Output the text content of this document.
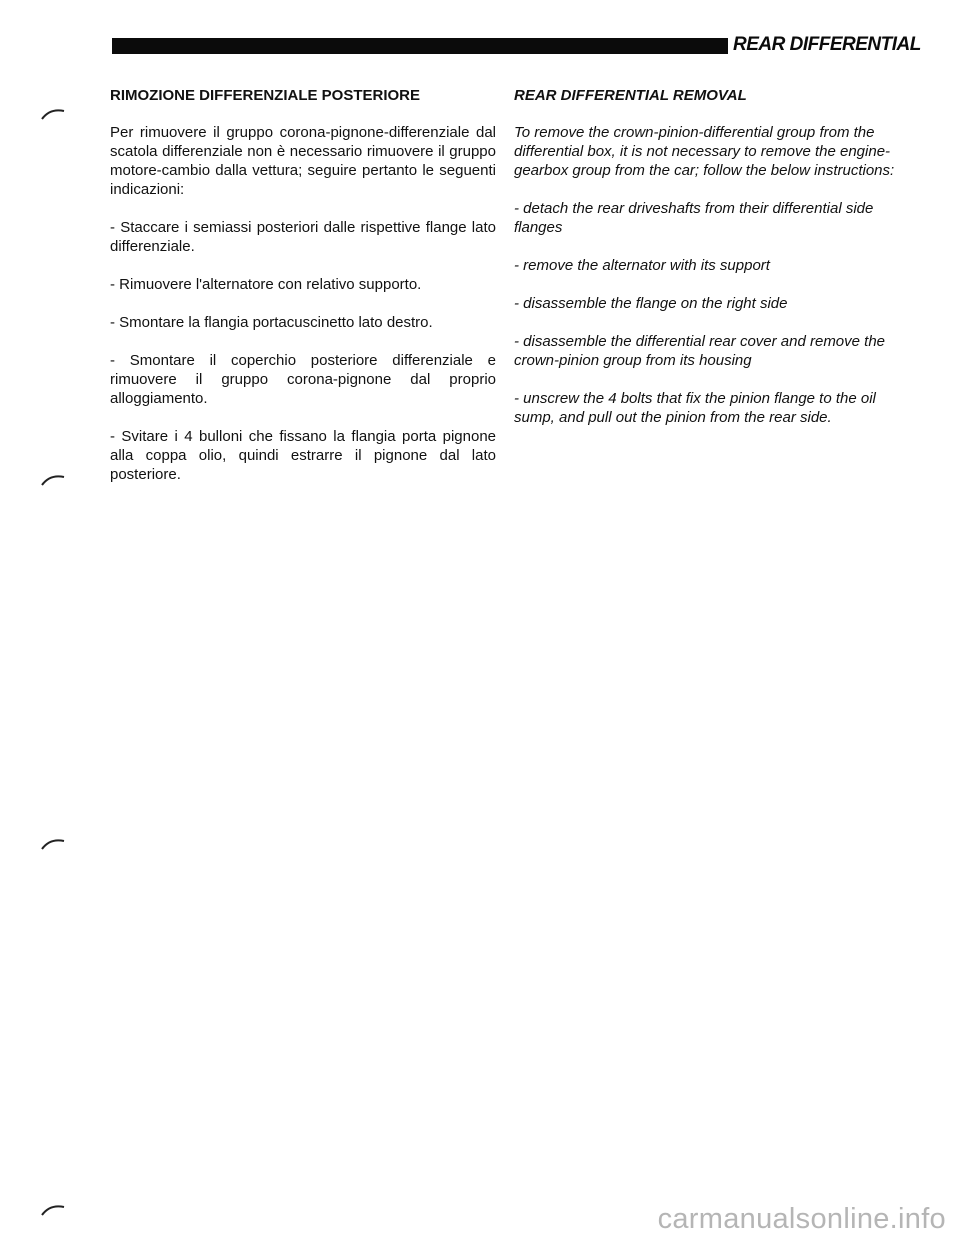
REAR DIFFERENTIAL
RIMOZIONE DIFFERENZIALE POSTERIORE

Per rimuovere il gruppo corona-pignone-differenziale dal scatola differenziale non è necessario rimuovere il gruppo motore-cambio dalla vettura; seguire pertanto le seguenti indicazioni:

- Staccare i semiassi posteriori dalle rispettive flange lato differenziale.

- Rimuovere l'alternatore con relativo supporto.

- Smontare la flangia portacuscinetto lato destro.

- Smontare il coperchio posteriore differenziale e rimuovere il gruppo corona-pignone dal proprio alloggiamento.

- Svitare i 4 bulloni che fissano la flangia porta pignone alla coppa olio, quindi estrarre il pignone dal lato posteriore.

REAR DIFFERENTIAL REMOVAL

To remove the crown-pinion-differential group from the differential box, it is not necessary to remove the engine-gearbox group from the car; follow the below instructions:

- detach the rear driveshafts from their differential side flanges

- remove the alternator with its support

- disassemble the flange on the right side

- disassemble the differential rear cover and remove the crown-pinion group from its housing

- unscrew the 4 bolts that fix the pinion flange to the oil sump, and pull out the pinion from the rear side.

carmanualsonline.info
